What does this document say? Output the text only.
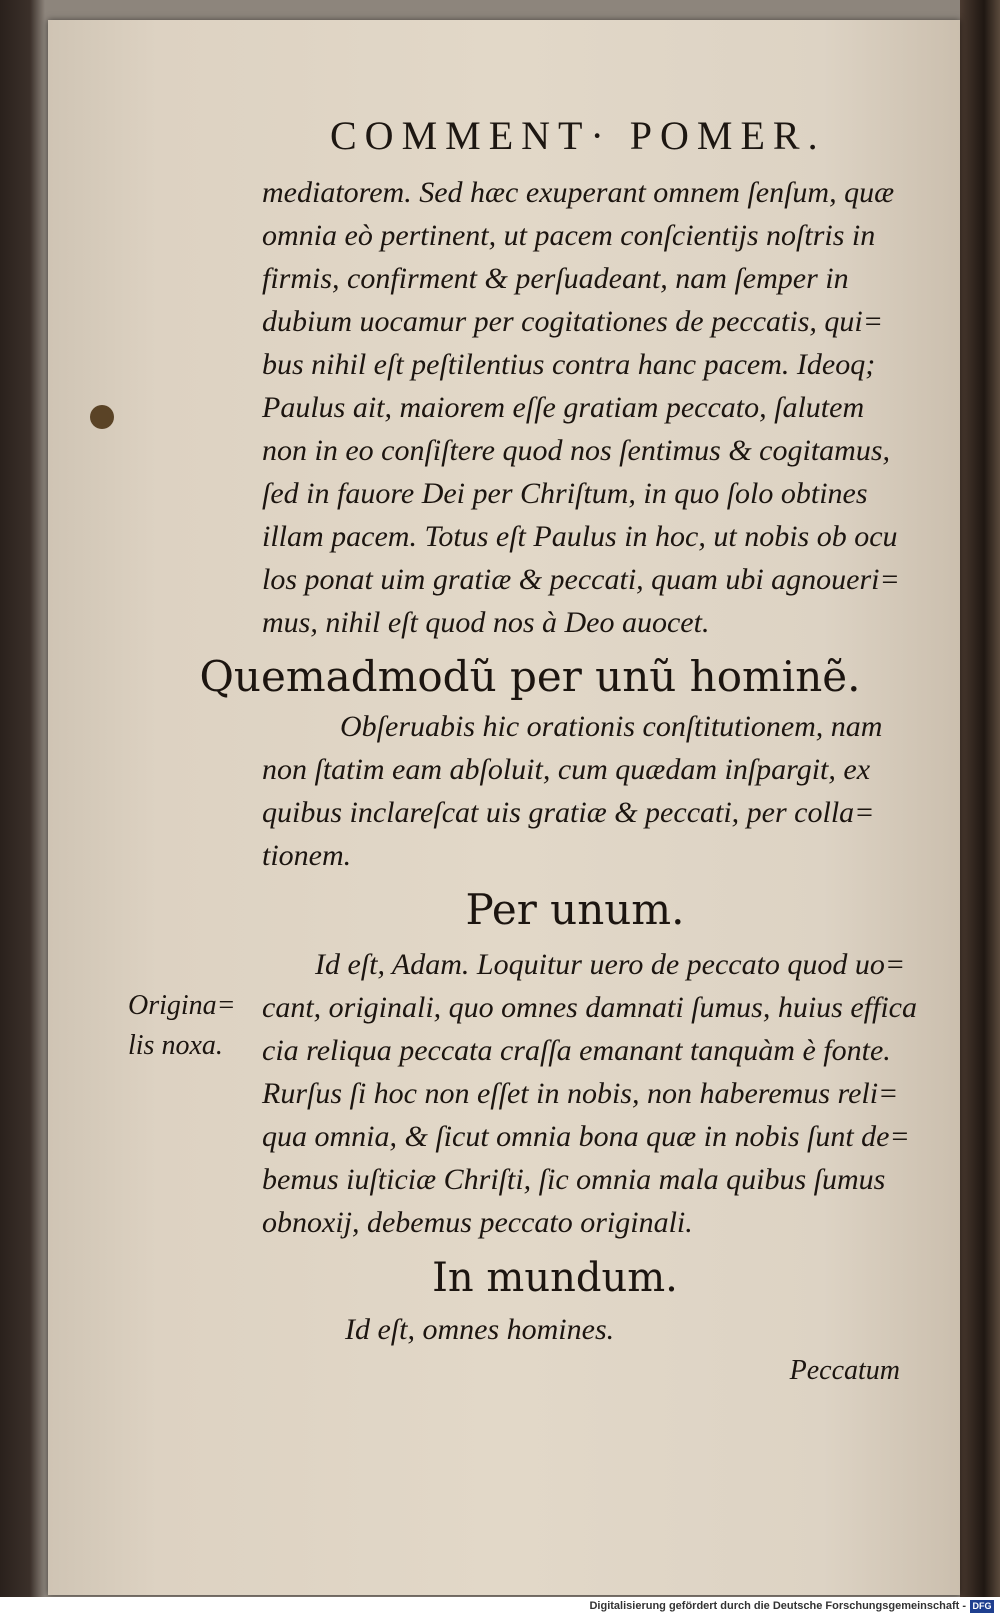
COMMENT· POMER.

mediatorem. Sed hæc exuperant omnem ſenſum, quæ

omnia eò pertinent, ut pacem conſcientijs noſtris in

firmis, confirment & perſuadeant, nam ſemper in

dubium uocamur per cogitationes de peccatis, qui=

bus nihil eſt peſtilentius contra hanc pacem. Ideoq;

Paulus ait, maiorem eſſe gratiam peccato, ſalutem

non in eo conſiſtere quod nos ſentimus & cogitamus,

ſed in fauore Dei per Chriſtum, in quo ſolo obtines

illam pacem. Totus eſt Paulus in hoc, ut nobis ob ocu

los ponat uim gratiæ & peccati, quam ubi agnoueri=

mus, nihil eſt quod nos à Deo auocet.

Quemadmodũ per unũ hominẽ.

Obſeruabis hic orationis conſtitutionem, nam

non ſtatim eam abſoluit, cum quædam inſpargit, ex

quibus inclareſcat uis gratiæ & peccati, per colla=

tionem.

Per unum.

Id eſt, Adam. Loquitur uero de peccato quod uo=

cant, originali, quo omnes damnati ſumus, huius effica

cia reliqua peccata craſſa emanant tanquàm è fonte.

Rurſus ſi hoc non eſſet in nobis, non haberemus reli=

qua omnia, & ſicut omnia bona quæ in nobis ſunt de=

bemus iuſticiæ Chriſti, ſic omnia mala quibus ſumus

obnoxij, debemus peccato originali.

Origina=

lis noxa.

In mundum.

Id eſt, omnes homines.

Peccatum

Digitalisierung gefördert durch die Deutsche Forschungsgemeinschaft - DFG
